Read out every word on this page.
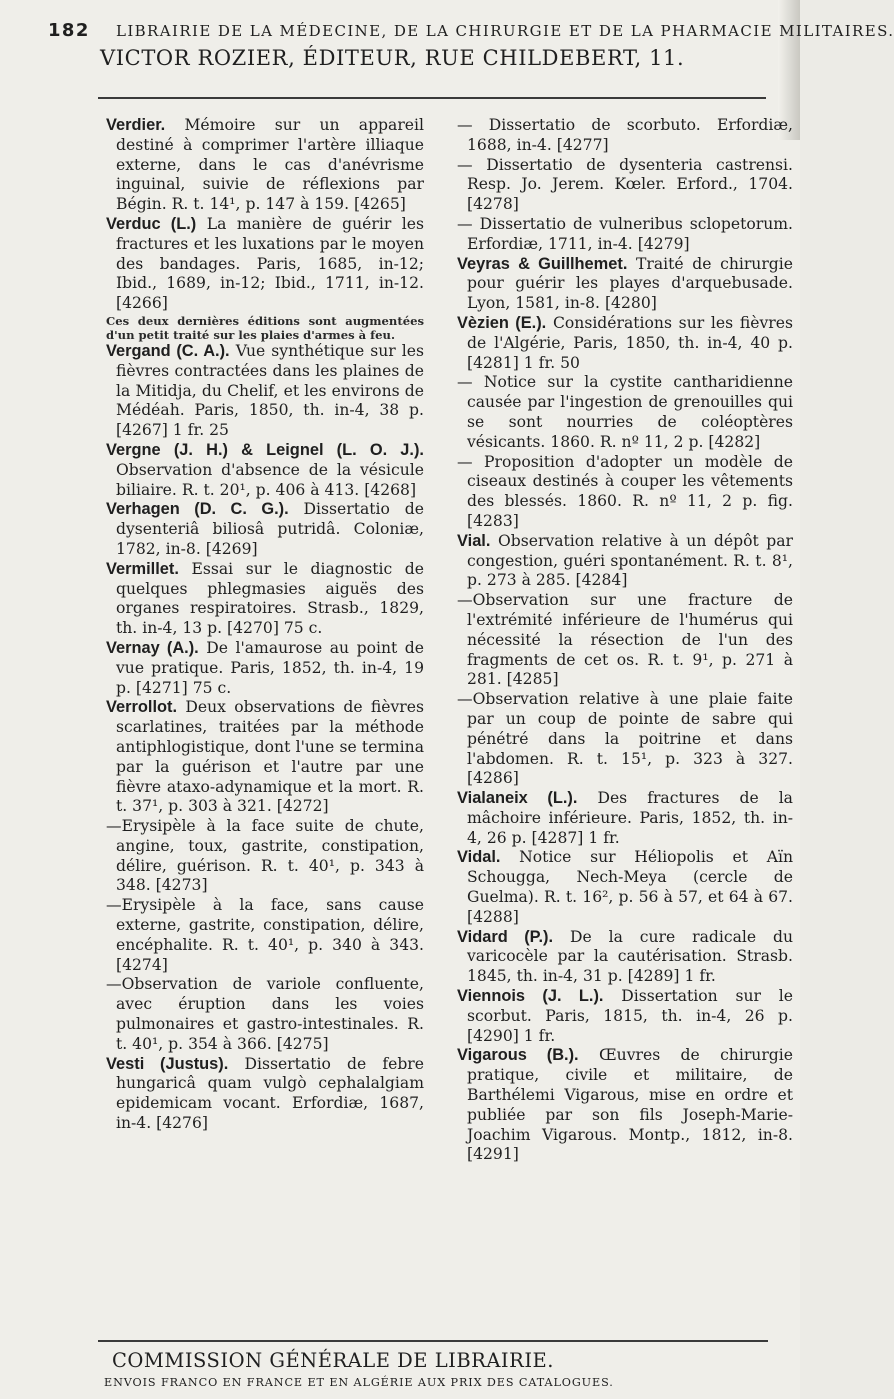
182 LIBRAIRIE DE LA MÉDECINE, DE LA CHIRURGIE ET DE LA PHARMACIE MILITAIRES.
VICTOR ROZIER, ÉDITEUR, RUE CHILDEBERT, 11.

Verdier. Mémoire sur un appareil destiné à comprimer l'artère illiaque externe, dans le cas d'anévrisme inguinal, suivie de réflexions par Bégin. R. t. 14¹, p. 147 à 159. [4265]

Verduc (L.) La manière de guérir les fractures et les luxations par le moyen des bandages. Paris, 1685, in-12; Ibid., 1689, in-12; Ibid., 1711, in-12. [4266]

Ces deux dernières éditions sont augmentées d'un petit traité sur les plaies d'armes à feu.

Vergand (C. A.). Vue synthétique sur les fièvres contractées dans les plaines de la Mitidja, du Chelif, et les environs de Médéah. Paris, 1850, th. in-4, 38 p. [4267] 1 fr. 25

Vergne (J. H.) & Leignel (L. O. J.). Observation d'absence de la vésicule biliaire. R. t. 20¹, p. 406 à 413. [4268]

Verhagen (D. C. G.). Dissertatio de dysenteriâ biliosâ putridâ. Coloniæ, 1782, in-8. [4269]

Vermillet. Essai sur le diagnostic de quelques phlegmasies aiguës des organes respiratoires. Strasb., 1829, th. in-4, 13 p. [4270] 75 c.

Vernay (A.). De l'amaurose au point de vue pratique. Paris, 1852, th. in-4, 19 p. [4271] 75 c.

Verrollot. Deux observations de fièvres scarlatines, traitées par la méthode antiphlogistique, dont l'une se termina par la guérison et l'autre par une fièvre ataxo-adynamique et la mort. R. t. 37¹, p. 303 à 321. [4272]

—Erysipèle à la face suite de chute, angine, toux, gastrite, constipation, délire, guérison. R. t. 40¹, p. 343 à 348. [4273]

—Erysipèle à la face, sans cause externe, gastrite, constipation, délire, encéphalite. R. t. 40¹, p. 340 à 343. [4274]

—Observation de variole confluente, avec éruption dans les voies pulmonaires et gastro-intestinales. R. t. 40¹, p. 354 à 366. [4275]

Vesti (Justus). Dissertatio de febre hungaricâ quam vulgò cephalalgiam epidemicam vocant. Erfordiæ, 1687, in-4. [4276]

— Dissertatio de scorbuto. Erfordiæ, 1688, in-4. [4277]

— Dissertatio de dysenteria castrensi. Resp. Jo. Jerem. Kœler. Erford., 1704. [4278]

— Dissertatio de vulneribus sclopetorum. Erfordiæ, 1711, in-4. [4279]

Veyras & Guillhemet. Traité de chirurgie pour guérir les playes d'arquebusade. Lyon, 1581, in-8. [4280]

Vèzien (E.). Considérations sur les fièvres de l'Algérie, Paris, 1850, th. in-4, 40 p. [4281] 1 fr. 50

— Notice sur la cystite cantharidienne causée par l'ingestion de grenouilles qui se sont nourries de coléoptères vésicants. 1860. R. nº 11, 2 p. [4282]

— Proposition d'adopter un modèle de ciseaux destinés à couper les vêtements des blessés. 1860. R. nº 11, 2 p. fig. [4283]

Vial. Observation relative à un dépôt par congestion, guéri spontanément. R. t. 8¹, p. 273 à 285. [4284]

—Observation sur une fracture de l'extrémité inférieure de l'humérus qui nécessité la résection de l'un des fragments de cet os. R. t. 9¹, p. 271 à 281. [4285]

—Observation relative à une plaie faite par un coup de pointe de sabre qui pénétré dans la poitrine et dans l'abdomen. R. t. 15¹, p. 323 à 327. [4286]

Vialaneix (L.). Des fractures de la mâchoire inférieure. Paris, 1852, th. in-4, 26 p. [4287] 1 fr.

Vidal. Notice sur Héliopolis et Aïn Schougga, Nech-Meya (cercle de Guelma). R. t. 16², p. 56 à 57, et 64 à 67. [4288]

Vidard (P.). De la cure radicale du varicocèle par la cautérisation. Strasb. 1845, th. in-4, 31 p. [4289] 1 fr.

Viennois (J. L.). Dissertation sur le scorbut. Paris, 1815, th. in-4, 26 p. [4290] 1 fr.

Vigarous (B.). Œuvres de chirurgie pratique, civile et militaire, de Barthélemi Vigarous, mise en ordre et publiée par son fils Joseph-Marie-Joachim Vigarous. Montp., 1812, in-8. [4291]

COMMISSION GÉNÉRALE DE LIBRAIRIE.
ENVOIS FRANCO EN FRANCE ET EN ALGÉRIE AUX PRIX DES CATALOGUES.
